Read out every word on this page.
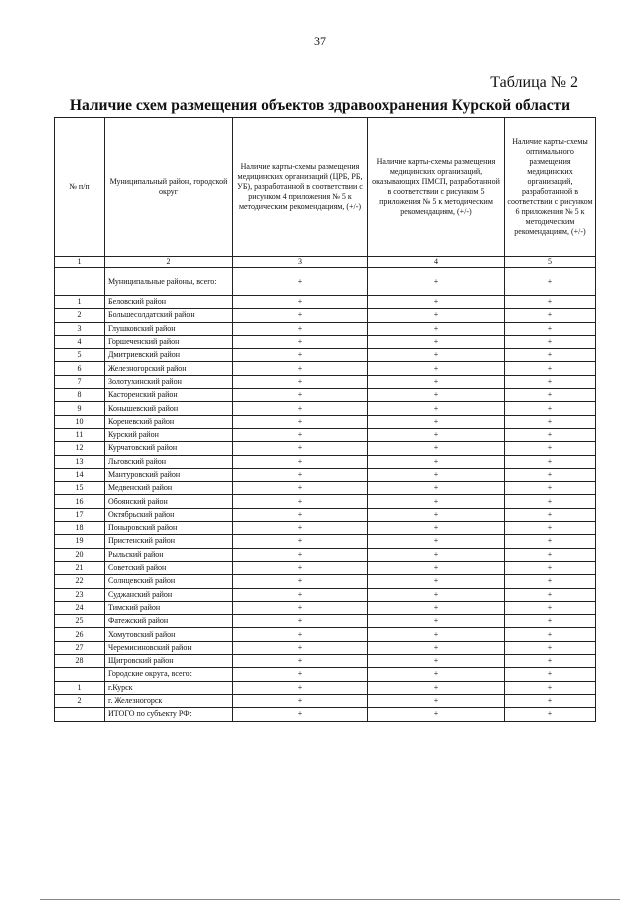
37
Таблица № 2
Наличие схем размещения объектов здравоохранения Курской области
№ п/п	Муниципальный район, городской округ	Наличие карты-схемы размещения медицинских организаций (ЦРБ, РБ, УБ), разработанной в соответствии с рисунком 4 приложения № 5 к методическим рекомендациям, (+/-)	Наличие карты-схемы размещения медицинских организаций, оказывающих ПМСП, разработанной в соответствии с рисунком 5 приложения № 5 к методическим рекомендациям, (+/-)	Наличие карты-схемы оптимального размещения медицинских организаций, разработанной в соответствии с рисунком 6 приложения № 5 к методическим рекомендациям, (+/-)
1	2	3	4	5
	Муниципальные районы, всего:	+	+	+
1	Беловский район	+	+	+
2	Большесолдатский район	+	+	+
3	Глушковский район	+	+	+
4	Горшеченский район	+	+	+
5	Дмитриевский район	+	+	+
6	Железногорский район	+	+	+
7	Золотухинский район	+	+	+
8	Касторенский район	+	+	+
9	Конышевский район	+	+	+
10	Кореневский район	+	+	+
11	Курский район	+	+	+
12	Курчатовский район	+	+	+
13	Льговский район	+	+	+
14	Мантуровский район	+	+	+
15	Медвенский район	+	+	+
16	Обоянский район	+	+	+
17	Октябрьский район	+	+	+
18	Поныровский район	+	+	+
19	Пристенский район	+	+	+
20	Рыльский район	+	+	+
21	Советский район	+	+	+
22	Солнцевский район	+	+	+
23	Суджанский район	+	+	+
24	Тимский район	+	+	+
25	Фатежский район	+	+	+
26	Хомутовский район	+	+	+
27	Черемисиновский район	+	+	+
28	Щигровский район	+	+	+
	Городские округа, всего:	+	+	+
1	г.Курск	+	+	+
2	г. Железногорск	+	+	+
	ИТОГО по субъекту РФ:	+	+	+
